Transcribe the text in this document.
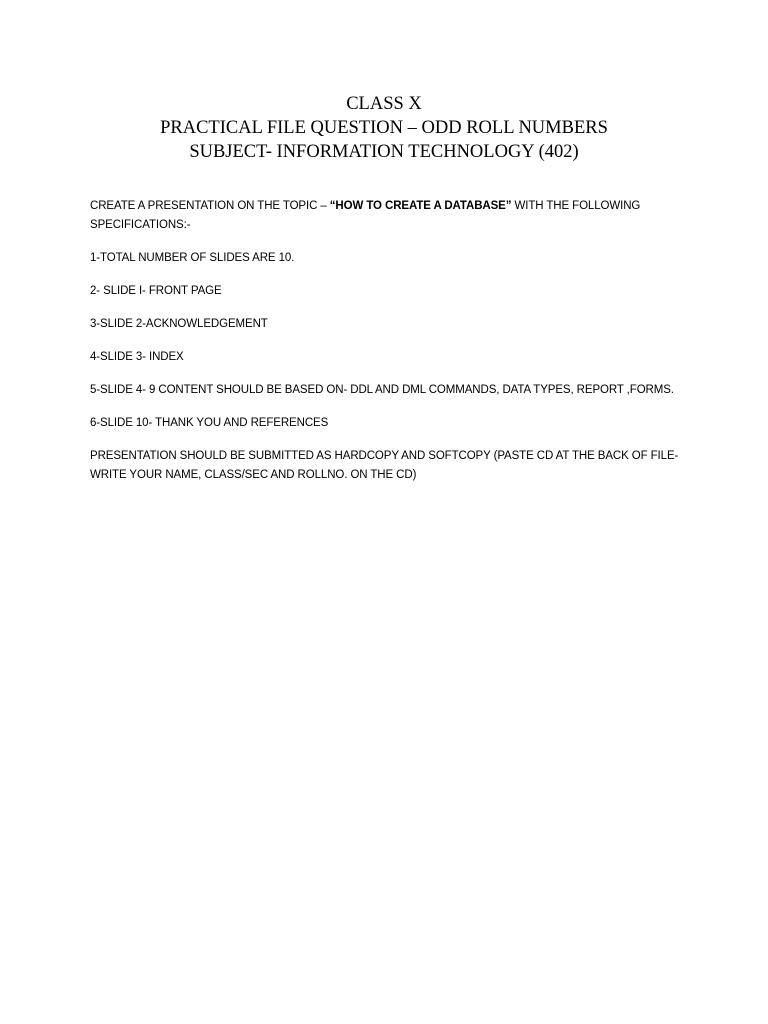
CLASS X
PRACTICAL FILE QUESTION – ODD ROLL NUMBERS
SUBJECT- INFORMATION TECHNOLOGY (402)
CREATE A PRESENTATION ON THE TOPIC – “HOW TO CREATE A DATABASE” WITH THE FOLLOWING SPECIFICATIONS:-
1-TOTAL NUMBER OF SLIDES ARE 10.
2- SLIDE I- FRONT PAGE
3-SLIDE 2-ACKNOWLEDGEMENT
4-SLIDE 3- INDEX
5-SLIDE 4- 9 CONTENT SHOULD BE BASED ON- DDL AND DML COMMANDS, DATA TYPES, REPORT ,FORMS.
6-SLIDE 10- THANK YOU AND REFERENCES
PRESENTATION SHOULD BE SUBMITTED AS HARDCOPY AND SOFTCOPY (PASTE CD AT THE BACK OF FILE- WRITE YOUR NAME, CLASS/SEC AND ROLLNO. ON THE CD)
